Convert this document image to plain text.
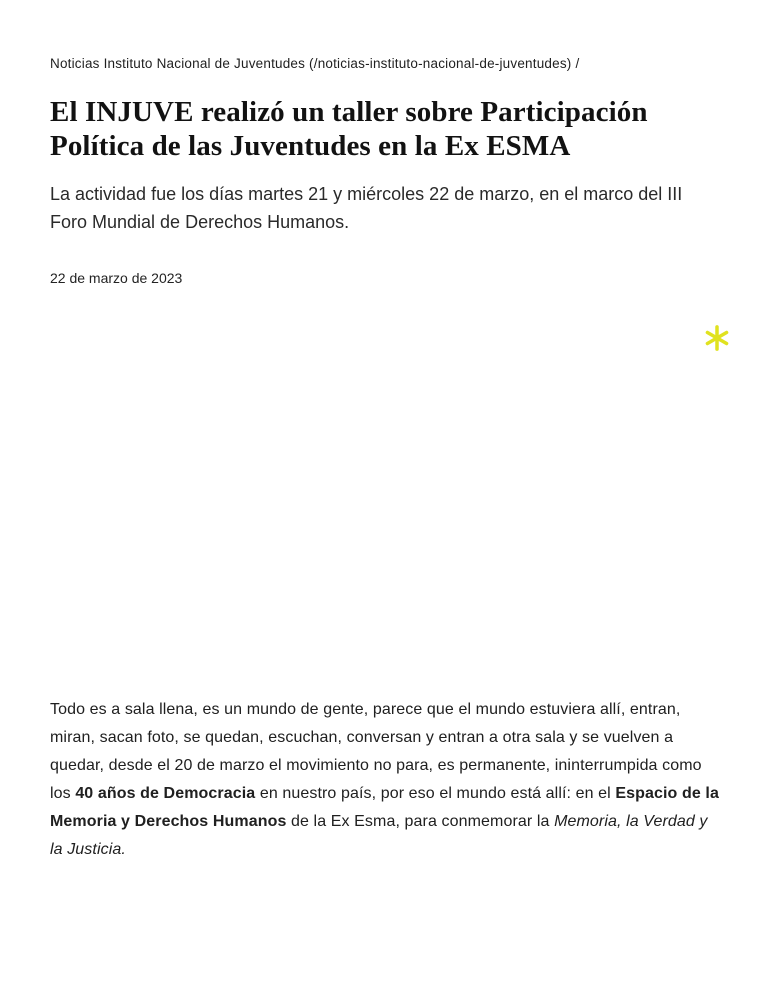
Noticias Instituto Nacional de Juventudes (/noticias-instituto-nacional-de-juventudes) /
El INJUVE realizó un taller sobre Participación Política de las Juventudes en la Ex ESMA

La actividad fue los días martes 21 y miércoles 22 de marzo, en el marco del III Foro Mundial de Derechos Humanos.

22 de marzo de 2023

Todo es a sala llena, es un mundo de gente, parece que el mundo estuviera allí, entran, miran, sacan foto, se quedan, escuchan, conversan y entran a otra sala y se vuelven a quedar, desde el 20 de marzo el movimiento no para, es permanente, ininterrumpida como los 40 años de Democracia en nuestro país, por eso el mundo está allí: en el Espacio de la Memoria y Derechos Humanos de la Ex Esma, para conmemorar la Memoria, la Verdad y la Justicia.
